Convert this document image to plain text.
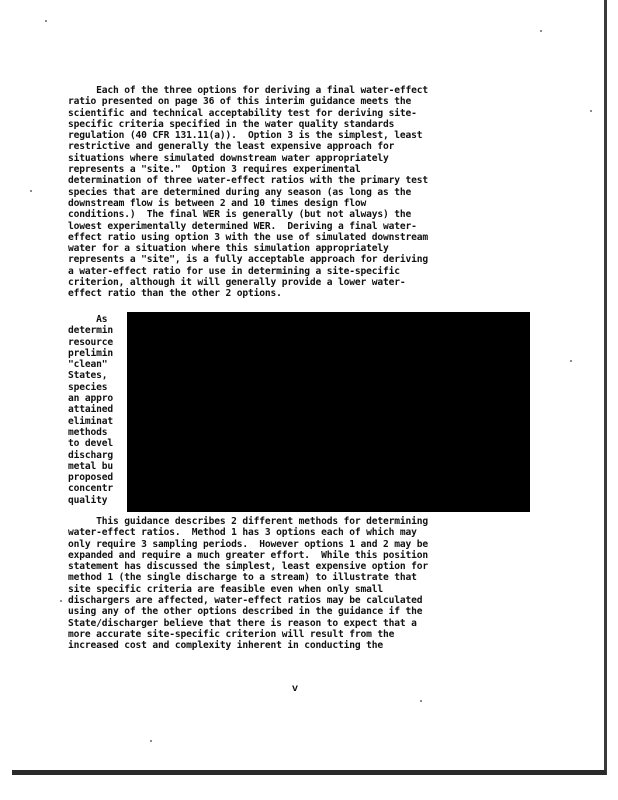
Each of the three options for deriving a final water-effect
ratio presented on page 36 of this interim guidance meets the
scientific and technical acceptability test for deriving site-
specific criteria specified in the water quality standards
regulation (40 CFR 131.11(a)).  Option 3 is the simplest, least
restrictive and generally the least expensive approach for
situations where simulated downstream water appropriately
represents a "site."  Option 3 requires experimental
determination of three water-effect ratios with the primary test
species that are determined during any season (as long as the
downstream flow is between 2 and 10 times design flow
conditions.)  The final WER is generally (but not always) the
lowest experimentally determined WER.  Deriving a final water-
effect ratio using option 3 with the use of simulated downstream
water for a situation where this simulation appropriately
represents a "site", is a fully acceptable approach for deriving
a water-effect ratio for use in determining a site-specific
criterion, although it will generally provide a lower water-
effect ratio than the other 2 options.
As
determin
resource
prelimin
"clean"
States,
species
an appro
attained
eliminat
methods
to devel
discharg
metal bu
proposed
concentr
quality
This guidance describes 2 different methods for determining
water-effect ratios.  Method 1 has 3 options each of which may
only require 3 sampling periods.  However options 1 and 2 may be
expanded and require a much greater effort.  While this position
statement has discussed the simplest, least expensive option for
method 1 (the single discharge to a stream) to illustrate that
site specific criteria are feasible even when only small
dischargers are affected, water-effect ratios may be calculated
using any of the other options described in the guidance if the
State/discharger believe that there is reason to expect that a
more accurate site-specific criterion will result from the
increased cost and complexity inherent in conducting the
v
